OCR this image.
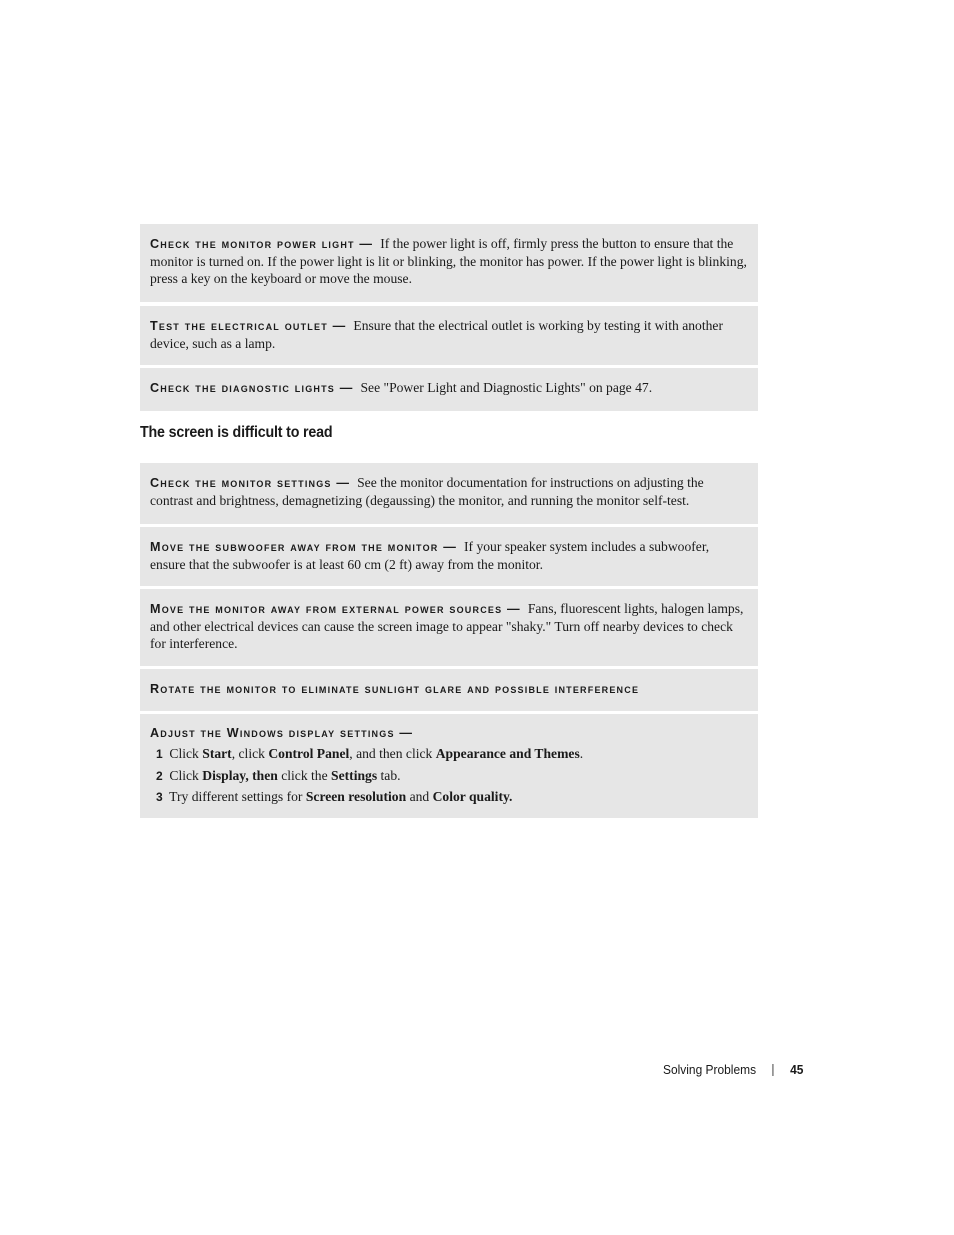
Check the monitor power light — If the power light is off, firmly press the button to ensure that the monitor is turned on. If the power light is lit or blinking, the monitor has power. If the power light is blinking, press a key on the keyboard or move the mouse.
Test the electrical outlet — Ensure that the electrical outlet is working by testing it with another device, such as a lamp.
Check the diagnostic lights — See "Power Light and Diagnostic Lights" on page 47.
The screen is difficult to read
Check the monitor settings — See the monitor documentation for instructions on adjusting the contrast and brightness, demagnetizing (degaussing) the monitor, and running the monitor self-test.
Move the subwoofer away from the monitor — If your speaker system includes a subwoofer, ensure that the subwoofer is at least 60 cm (2 ft) away from the monitor.
Move the monitor away from external power sources — Fans, fluorescent lights, halogen lamps, and other electrical devices can cause the screen image to appear "shaky." Turn off nearby devices to check for interference.
Rotate the monitor to eliminate sunlight glare and possible interference
Adjust the Windows display settings —
1 Click Start, click Control Panel, and then click Appearance and Themes.
2 Click Display, then click the Settings tab.
3 Try different settings for Screen resolution and Color quality.
Solving Problems	45
